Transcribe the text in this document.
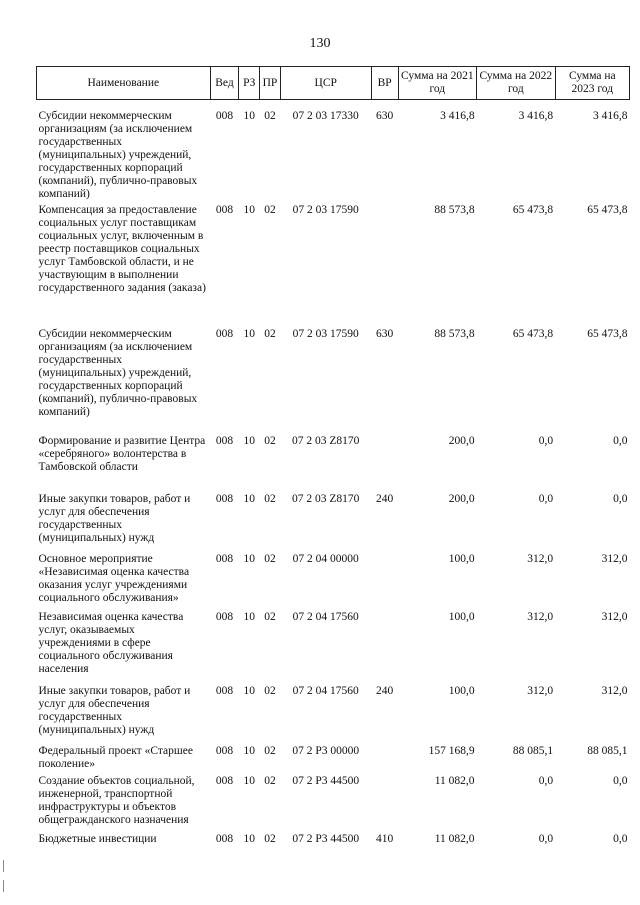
130
Наименование	Вед	РЗ	ПР	ЦСР	ВР	Сумма на 2021 год	Сумма на 2022 год	Сумма на 2023 год
Субсидии некоммерческим организациям (за исключением государственных (муниципальных) учреждений, государственных корпораций (компаний), публично-правовых компаний)	008	10	02	07 2 03 17330	630	3 416,8	3 416,8	3 416,8
Компенсация за предоставление социальных услуг поставщикам социальных услуг, включенным в реестр поставщиков социальных услуг Тамбовской области, и не участвующим в выполнении государственного задания (заказа)	008	10	02	07 2 03 17590		88 573,8	65 473,8	65 473,8
Субсидии некоммерческим организациям (за исключением государственных (муниципальных) учреждений, государственных корпораций (компаний), публично-правовых компаний)	008	10	02	07 2 03 17590	630	88 573,8	65 473,8	65 473,8
Формирование и развитие Центра «серебряного» волонтерства в Тамбовской области	008	10	02	07 2 03 Z8170		200,0	0,0	0,0
Иные закупки товаров, работ и услуг для обеспечения государственных (муниципальных) нужд	008	10	02	07 2 03 Z8170	240	200,0	0,0	0,0
Основное мероприятие «Независимая оценка качества оказания услуг учреждениями социального обслуживания»	008	10	02	07 2 04 00000		100,0	312,0	312,0
Независимая оценка качества услуг, оказываемых учреждениями в сфере социального обслуживания населения	008	10	02	07 2 04 17560		100,0	312,0	312,0
Иные закупки товаров, работ и услуг для обеспечения государственных (муниципальных) нужд	008	10	02	07 2 04 17560	240	100,0	312,0	312,0
Федеральный проект «Старшее поколение»	008	10	02	07 2 P3 00000		157 168,9	88 085,1	88 085,1
Создание объектов социальной, инженерной, транспортной инфраструктуры и объектов общегражданского назначения	008	10	02	07 2 P3 44500		11 082,0	0,0	0,0
Бюджетные инвестиции	008	10	02	07 2 P3 44500	410	11 082,0	0,0	0,0
